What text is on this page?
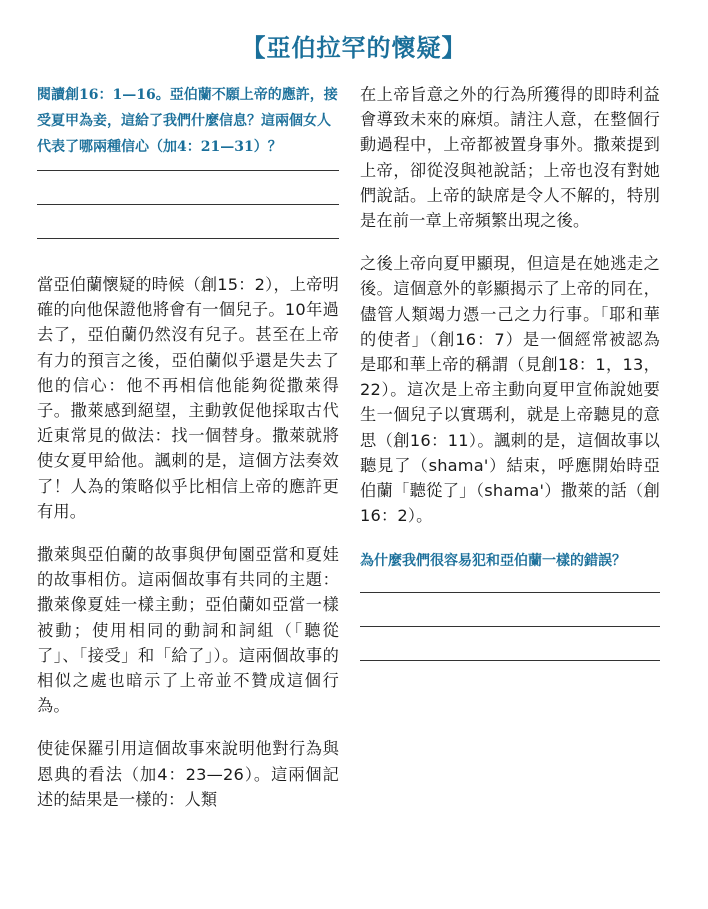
【亞伯拉罕的懷疑】

閱讀創16：1—16。亞伯蘭不願上帝的應許，接受夏甲為妾，這給了我們什麼信息？這兩個女人代表了哪兩種信心（加4：21—31）？

當亞伯蘭懷疑的時候（創15：2），上帝明確的向他保證他將會有一個兒子。10年過去了，亞伯蘭仍然沒有兒子。甚至在上帝有力的預言之後，亞伯蘭似乎還是失去了他的信心：他不再相信他能夠從撒萊得子。撒萊感到絕望，主動敦促他採取古代近東常見的做法：找一個替身。撒萊就將使女夏甲給他。諷刺的是，這個方法奏效了！人為的策略似乎比相信上帝的應許更有用。

撒萊與亞伯蘭的故事與伊甸園亞當和夏娃的故事相仿。這兩個故事有共同的主題：撒萊像夏娃一樣主動；亞伯蘭如亞當一樣被動；使用相同的動詞和詞組（「聽從了」、「接受」和「給了」）。這兩個故事的相似之處也暗示了上帝並不贊成這個行為。

使徒保羅引用這個故事來說明他對行為與恩典的看法（加4：23—26）。這兩個記述的結果是一樣的：人類

在上帝旨意之外的行為所獲得的即時利益會導致未來的麻煩。請注人意，在整個行動過程中，上帝都被置身事外。撒萊提到上帝，卻從沒與祂說話；上帝也沒有對她們說話。上帝的缺席是令人不解的，特別是在前一章上帝頻繁出現之後。

之後上帝向夏甲顯現，但這是在她逃走之後。這個意外的彰顯揭示了上帝的同在，儘管人類竭力憑一己之力行事。「耶和華的使者」（創16：7）是一個經常被認為是耶和華上帝的稱謂（見創18：1，13，22）。這次是上帝主動向夏甲宣佈說她要生一個兒子以實瑪利，就是上帝聽見的意思（創16：11）。諷刺的是，這個故事以聽見了（shama'）結束，呼應開始時亞伯蘭「聽從了」（shama'）撒萊的話（創16：2）。

為什麼我們很容易犯和亞伯蘭一樣的錯誤？
